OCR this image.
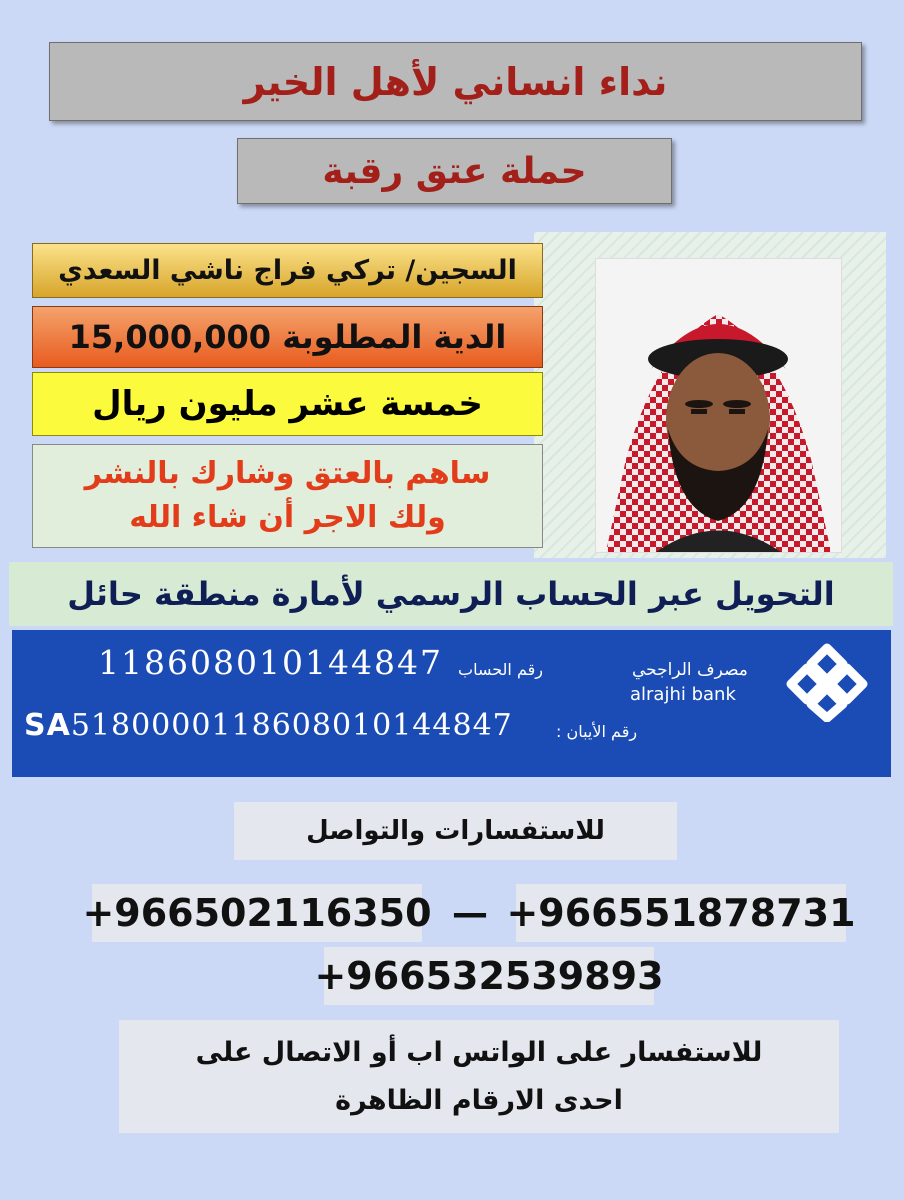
نداء انساني لأهل الخير
حملة عتق رقبة
السجين/ تركي فراج ناشي السعدي
الدية المطلوبة

15,000,000
خمسة عشر مليون ريال
ساهم بالعتق وشارك بالنشر
ولك الاجر أن شاء الله
التحويل عبر الحساب الرسمي لأمارة منطقة حائل
118608010144847 رقم الحساب
SA5180000118608010144847	رقم الأيبان :
مصرف الراجحي
alrajhi bank
للاستفسارات والتواصل
+966551878731
—
+966502116350
+966532539893
للاستفسار على الواتس اب أو الاتصال على
احدى الارقام الظاهرة
